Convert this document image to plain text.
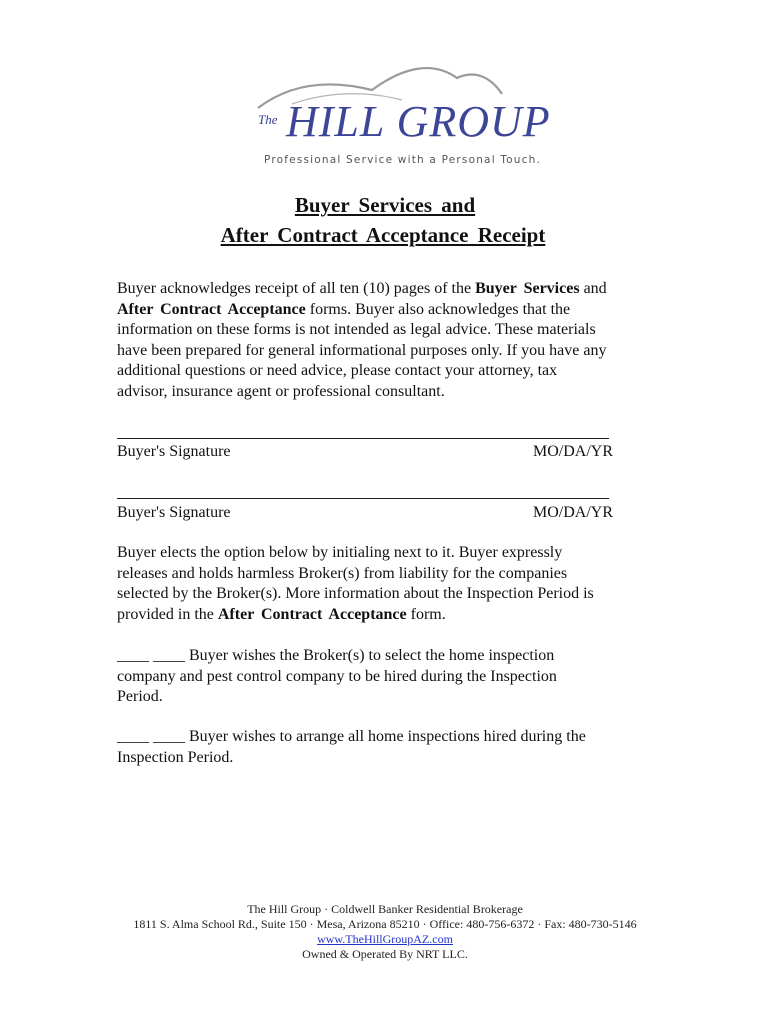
The HILL GROUP
Professional Service with a Personal Touch.
Buyer Services and
After Contract Acceptance Receipt
Buyer acknowledges receipt of all ten (10) pages of the Buyer Services and
After Contract Acceptance forms. Buyer also acknowledges that the
information on these forms is not intended as legal advice. These materials
have been prepared for general informational purposes only. If you have any
additional questions or need advice, please contact your attorney, tax
advisor, insurance agent or professional consultant.
Buyer's Signature	MO/DA/YR
Buyer's Signature	MO/DA/YR
Buyer elects the option below by initialing next to it. Buyer expressly
releases and holds harmless Broker(s) from liability for the companies
selected by the Broker(s). More information about the Inspection Period is
provided in the After Contract Acceptance form.
____ ____ Buyer wishes the Broker(s) to select the home inspection
company and pest control company to be hired during the Inspection
Period.
____ ____ Buyer wishes to arrange all home inspections hired during the
Inspection Period.
The Hill Group · Coldwell Banker Residential Brokerage
1811 S. Alma School Rd., Suite 150 · Mesa, Arizona 85210 · Office: 480-756-6372 · Fax: 480-730-5146
www.TheHillGroupAZ.com
Owned & Operated By NRT LLC.
